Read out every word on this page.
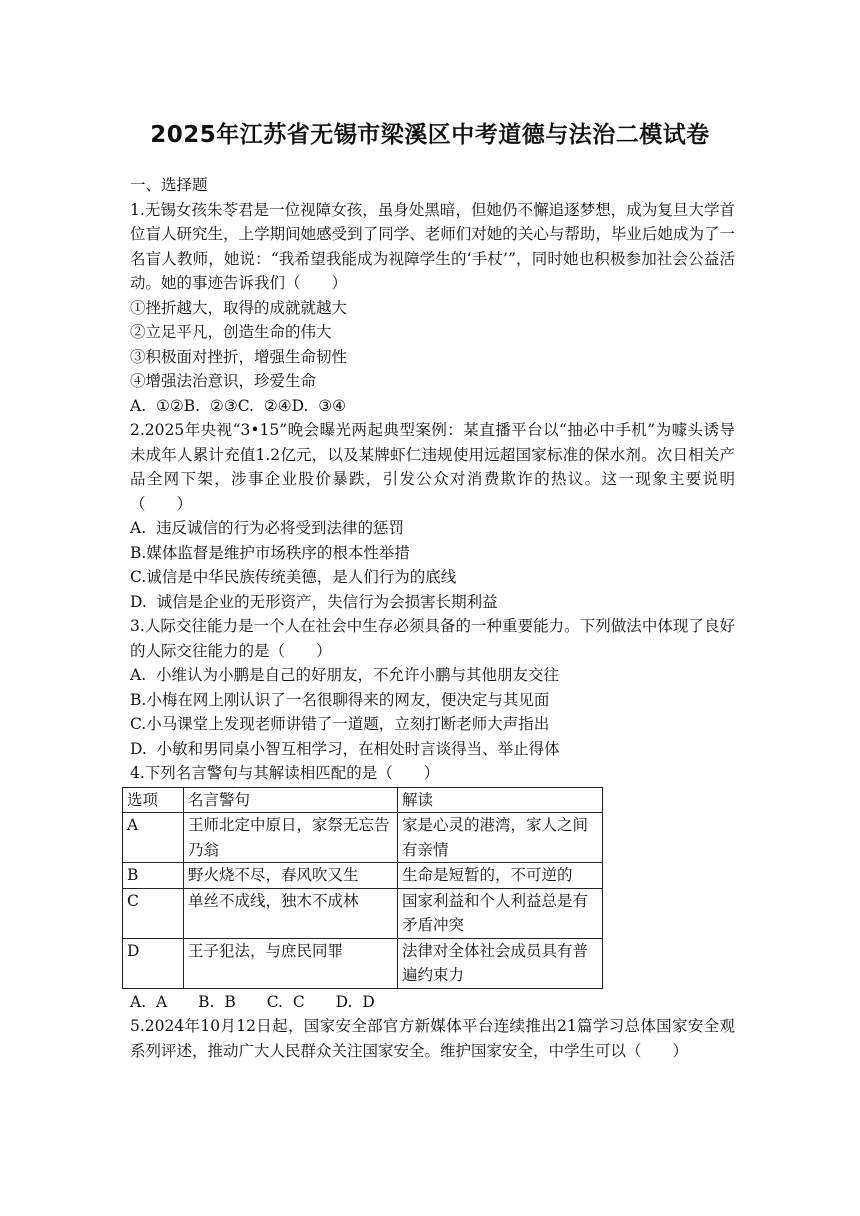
2025年江苏省无锡市梁溪区中考道德与法治二模试卷
一、选择题
1.无锡女孩朱苓君是一位视障女孩，虽身处黑暗，但她仍不懈追逐梦想，成为复旦大学首位盲人研究生，上学期间她感受到了同学、老师们对她的关心与帮助，毕业后她成为了一名盲人教师，她说：“我希望我能成为视障学生的‘手杖’”，同时她也积极参加社会公益活动。她的事迹告诉我们（　　）
①挫折越大，取得的成就就越大
②立足平凡，创造生命的伟大
③积极面对挫折，增强生命韧性
④增强法治意识，珍爱生命
A.  ①②B.  ②③C.  ②④D.  ③④
2.2025年央视“3•15”晚会曝光两起典型案例：某直播平台以“抽必中手机”为噱头诱导未成年人累计充值1.2亿元，以及某牌虾仁违规使用远超国家标准的保水剂。次日相关产品全网下架，涉事企业股价暴跌，引发公众对消费欺诈的热议。这一现象主要说明（　　）
A.  违反诚信的行为必将受到法律的惩罚
B.媒体监督是维护市场秩序的根本性举措
C.诚信是中华民族传统美德，是人们行为的底线
D.  诚信是企业的无形资产，失信行为会损害长期利益
3.人际交往能力是一个人在社会中生存必须具备的一种重要能力。下列做法中体现了良好的人际交往能力的是（　　）
A.  小维认为小鹏是自己的好朋友，不允许小鹏与其他朋友交往
B.小梅在网上刚认识了一名很聊得来的网友，便决定与其见面
C.小马课堂上发现老师讲错了一道题，立刻打断老师大声指出
D.  小敏和男同桌小智互相学习，在相处时言谈得当、举止得体
4.下列名言警句与其解读相匹配的是（　　）
选项	名言警句	解读
A	王师北定中原日，家祭无忘告乃翁	家是心灵的港湾，家人之间有亲情
B	野火烧不尽，春风吹又生	生命是短暂的，不可逆的
C	单丝不成线，独木不成林	国家利益和个人利益总是有矛盾冲突
D	王子犯法，与庶民同罪	法律对全体社会成员具有普遍约束力
A.  A　　B.  B　　C.  C　　D.  D
5.2024年10月12日起，国家安全部官方新媒体平台连续推出21篇学习总体国家安全观系列评述，推动广大人民群众关注国家安全。维护国家安全，中学生可以（　　）
